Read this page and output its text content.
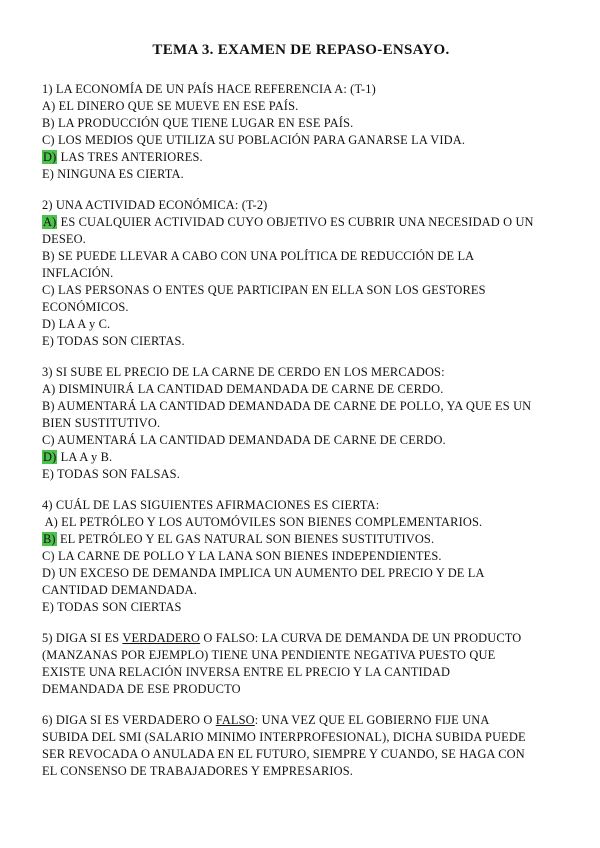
TEMA 3. EXAMEN DE REPASO-ENSAYO.
1) LA ECONOMÍA DE UN PAÍS HACE REFERENCIA A: (T-1)
A) EL DINERO QUE SE MUEVE EN ESE PAÍS.
B) LA PRODUCCIÓN QUE TIENE LUGAR EN ESE PAÍS.
C) LOS MEDIOS QUE UTILIZA SU POBLACIÓN PARA GANARSE LA VIDA.
D) LAS TRES ANTERIORES.
E) NINGUNA ES CIERTA.
2) UNA ACTIVIDAD ECONÓMICA: (T-2)
A) ES CUALQUIER ACTIVIDAD CUYO OBJETIVO ES CUBRIR UNA NECESIDAD O UN
DESEO.
B) SE PUEDE LLEVAR A CABO CON UNA POLÍTICA DE REDUCCIÓN DE LA
INFLACIÓN.
C) LAS PERSONAS O ENTES QUE PARTICIPAN EN ELLA SON LOS GESTORES
ECONÓMICOS.
D) LA A y C.
E) TODAS SON CIERTAS.
3) SI SUBE EL PRECIO DE LA CARNE DE CERDO EN LOS MERCADOS:
A) DISMINUIRÁ LA CANTIDAD DEMANDADA DE CARNE DE CERDO.
B) AUMENTARÁ LA CANTIDAD DEMANDADA DE CARNE DE POLLO, YA QUE ES UN
BIEN SUSTITUTIVO.
C) AUMENTARÁ LA CANTIDAD DEMANDADA DE CARNE DE CERDO.
D) LA A y B.
E) TODAS SON FALSAS.
4) CUÁL DE LAS SIGUIENTES AFIRMACIONES ES CIERTA:
A) EL PETRÓLEO Y LOS AUTOMÓVILES SON BIENES COMPLEMENTARIOS.
B) EL PETRÓLEO Y EL GAS NATURAL SON BIENES SUSTITUTIVOS.
C) LA CARNE DE POLLO Y LA LANA SON BIENES INDEPENDIENTES.
D) UN EXCESO DE DEMANDA IMPLICA UN AUMENTO DEL PRECIO Y DE LA
CANTIDAD DEMANDADA.
E) TODAS SON CIERTAS
5) DIGA SI ES VERDADERO O FALSO: LA CURVA DE DEMANDA DE UN PRODUCTO
(MANZANAS POR EJEMPLO) TIENE UNA PENDIENTE NEGATIVA PUESTO QUE
EXISTE UNA RELACIÓN INVERSA ENTRE EL PRECIO Y LA CANTIDAD
DEMANDADA DE ESE PRODUCTO
6) DIGA SI ES VERDADERO O FALSO: UNA VEZ QUE EL GOBIERNO FIJE UNA
SUBIDA DEL SMI (SALARIO MINIMO INTERPROFESIONAL), DICHA SUBIDA PUEDE
SER REVOCADA O ANULADA EN EL FUTURO, SIEMPRE Y CUANDO, SE HAGA CON
EL CONSENSO DE TRABAJADORES Y EMPRESARIOS.
